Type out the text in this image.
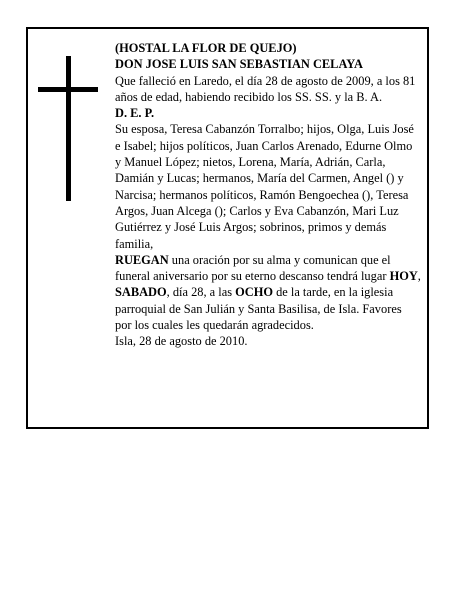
(HOSTAL LA FLOR DE QUEJO)

DON JOSE LUIS SAN SEBASTIAN CELAYA

Que falleció en Laredo, el día 28 de agosto de 2009, a los 81 años de edad, habiendo recibido los SS. SS. y la B. A.

D. E. P.

Su esposa, Teresa Cabanzón Torralbo; hijos, Olga, Luis José e Isabel; hijos políticos, Juan Carlos Arenado, Edurne Olmo y Manuel López; nietos, Lorena, María, Adrián, Carla, Damián y Lucas; hermanos, María del Carmen, Angel () y Narcisa; hermanos políticos, Ramón Bengoechea (), Teresa Argos, Juan Alcega (); Carlos y Eva Cabanzón, Mari Luz Gutiérrez y José Luis Argos; sobrinos, primos y demás familia,

RUEGAN una oración por su alma y comunican que el funeral aniversario por su eterno descanso tendrá lugar HOY, SABADO, día 28, a las OCHO de la tarde, en la iglesia parroquial de San Julián y Santa Basilisa, de Isla. Favores por los cuales les quedarán agradecidos.

Isla, 28 de agosto de 2010.
